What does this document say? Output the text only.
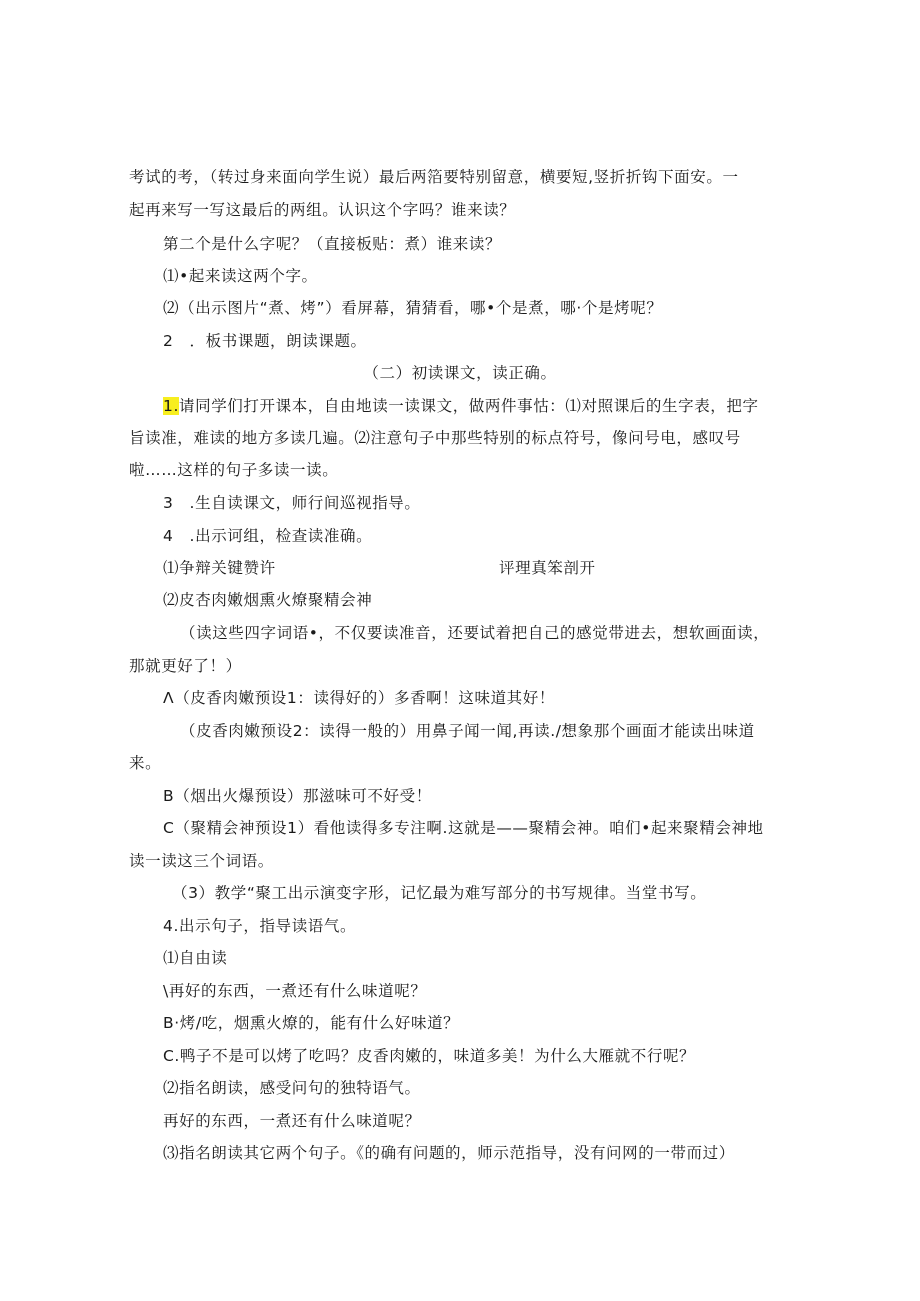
考试的考，（转过身来面向学生说）最后两箔要特别留意，横要短,竖折折钩下面安。一
起再来写一写这最后的两组。认识这个字吗？谁来读？
第二个是什么字呢？（直接板贴：煮）谁来读？
⑴•起来读这两个字。
⑵（出示图片“煮、烤”）看屏幕，猜猜看，哪•个是煮，哪·个是烤呢？
2　．板书课题，朗读课题。
（二）初读课文，读正确。
1.请同学们打开课本，自由地读一读课文，做两件事怙：⑴对照课后的生字表，把字
旨读准，难读的地方多读几遍。⑵注意句子中那些特别的标点符号，像问号电，感叹号
啦……这样的句子多读一读。
3　.生自读课文，师行间巡视指导。
4　.出示诃组，检查读准确。
⑴争辩关键赞许	评理真笨剖开
⑵皮杏肉嫩烟熏火燎聚精会神
（读这些四字词语•，不仅要读准音，还要试着把自己的感觉带进去，想软画面读，
那就更好了！）
Λ（皮香肉嫩预设1：读得好的）多香啊！这味道其好！
（皮香肉嫩预设2：读得一般的）用鼻子闻一闻,再读./想象那个画面才能读出味道
来。
B（烟出火爆预设）那滋味可不好受！
C（聚精会神预设1）看他读得多专注啊.这就是——聚精会神。咱们•起来聚精会神地
读一读这三个词语。
（3）教学“聚工出示演变字形，记忆最为难写部分的书写规律。当堂书写。
4.出示句子，指导读语气。
⑴自由读
\再好的东西，一煮还有什么味道呢？
B·烤/吃，烟熏火燎的，能有什么好味道？
C.鸭子不是可以烤了吃吗？皮香肉嫩的，味道多美！为什么大雁就不行呢？
⑵指名朗读，感受问句的独特语气。
再好的东西，一煮还有什么味道呢？
⑶指名朗读其它两个句子。《的确有问题的，师示范指导，没有问网的一带而过）
